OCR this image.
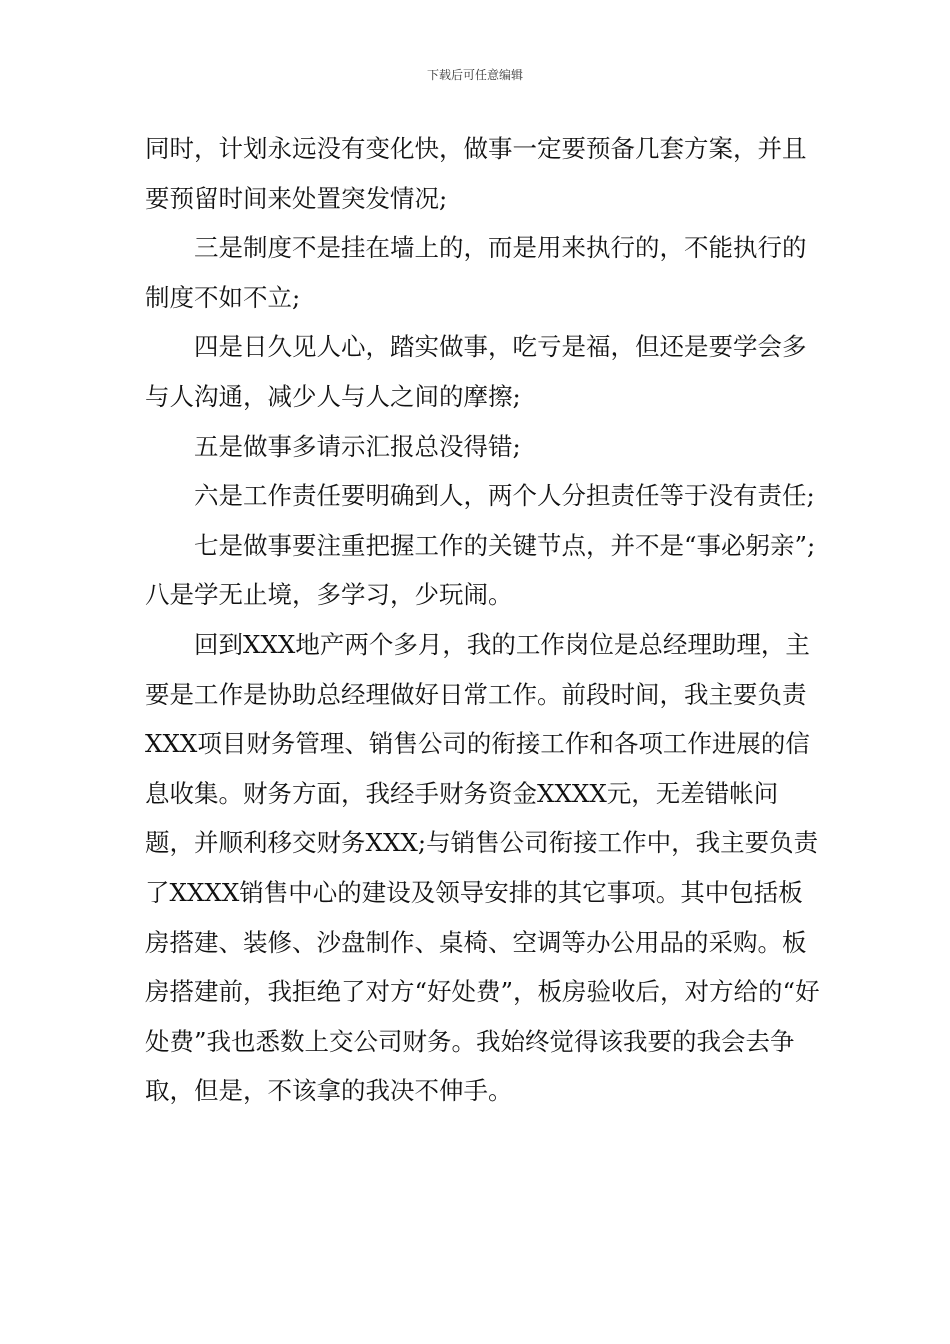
下载后可任意编辑

同时，计划永远没有变化快，做事一定要预备几套方案，并且要预留时间来处置突发情况;

三是制度不是挂在墙上的，而是用来执行的，不能执行的制度不如不立;

四是日久见人心，踏实做事，吃亏是福，但还是要学会多与人沟通，减少人与人之间的摩擦;

五是做事多请示汇报总没得错;

六是工作责任要明确到人，两个人分担责任等于没有责任;

七是做事要注重把握工作的关键节点，并不是“事必躬亲”;八是学无止境，多学习，少玩闹。

回到XXX地产两个多月，我的工作岗位是总经理助理，主要是工作是协助总经理做好日常工作。前段时间，我主要负责XXX项目财务管理、销售公司的衔接工作和各项工作进展的信息收集。财务方面，我经手财务资金XXXX元，无差错帐问题，并顺利移交财务XXX;与销售公司衔接工作中，我主要负责了XXXX销售中心的建设及领导安排的其它事项。其中包括板房搭建、装修、沙盘制作、桌椅、空调等办公用品的采购。板房搭建前，我拒绝了对方“好处费”，板房验收后，对方给的“好处费”我也悉数上交公司财务。我始终觉得该我要的我会去争取，但是，不该拿的我决不伸手。
